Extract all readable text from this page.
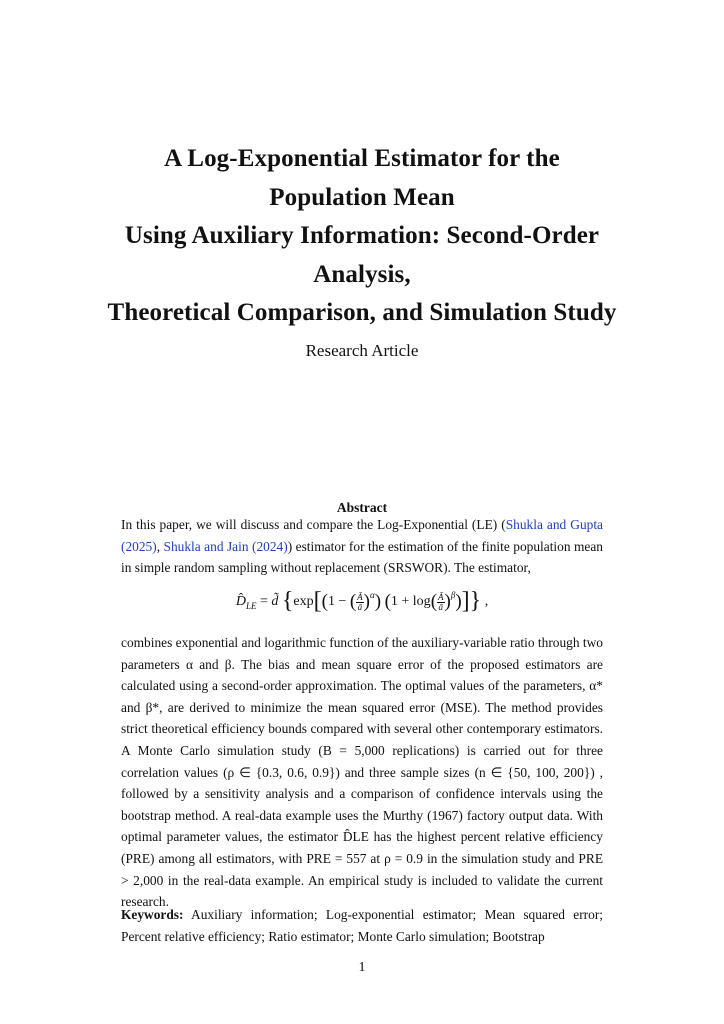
A Log-Exponential Estimator for the
Population Mean
Using Auxiliary Information: Second-Order
Analysis,
Theoretical Comparison, and Simulation Study
Research Article
Abstract

In this paper, we will discuss and compare the Log-Exponential (LE) (Shukla and Gupta (2025), Shukla and Jain (2024)) estimator for the estimation of the finite population mean in simple random sampling without replacement (SRSWOR). The estimator,

$D̂_{LE}$ = d̃ {exp[(1 − ( $\frac{Ā}{ā} )^\alpha$) $(1 + \log( \frac{Ā}{ā} )^\beta)$]} ,

combines exponential and logarithmic function of the auxiliary-variable ratio through two parameters α and β. The bias and mean square error of the proposed estimators are calculated using a second-order approximation. The optimal values of the parameters, α* and β*, are derived to minimize the mean squared error (MSE). The method provides strict theoretical efficiency bounds compared with several other contemporary estimators. A Monte Carlo simulation study (B = 5,000 replications) is carried out for three correlation values (ρ ∈ {0.3, 0.6, 0.9}) and three sample sizes (n ∈ {50, 100, 200}) , followed by a sensitivity analysis and a comparison of confidence intervals using the bootstrap method. A real-data example uses the Murthy (1967) factory output data. With optimal parameter values, the estimator D̂LE has the highest percent relative efficiency (PRE) among all estimators, with PRE = 557 at ρ = 0.9 in the simulation study and PRE > 2,000 in the real-data example. An empirical study is included to validate the current research.

Keywords: Auxiliary information; Log-exponential estimator; Mean squared error; Percent relative efficiency; Ratio estimator; Monte Carlo simulation; Bootstrap

1
